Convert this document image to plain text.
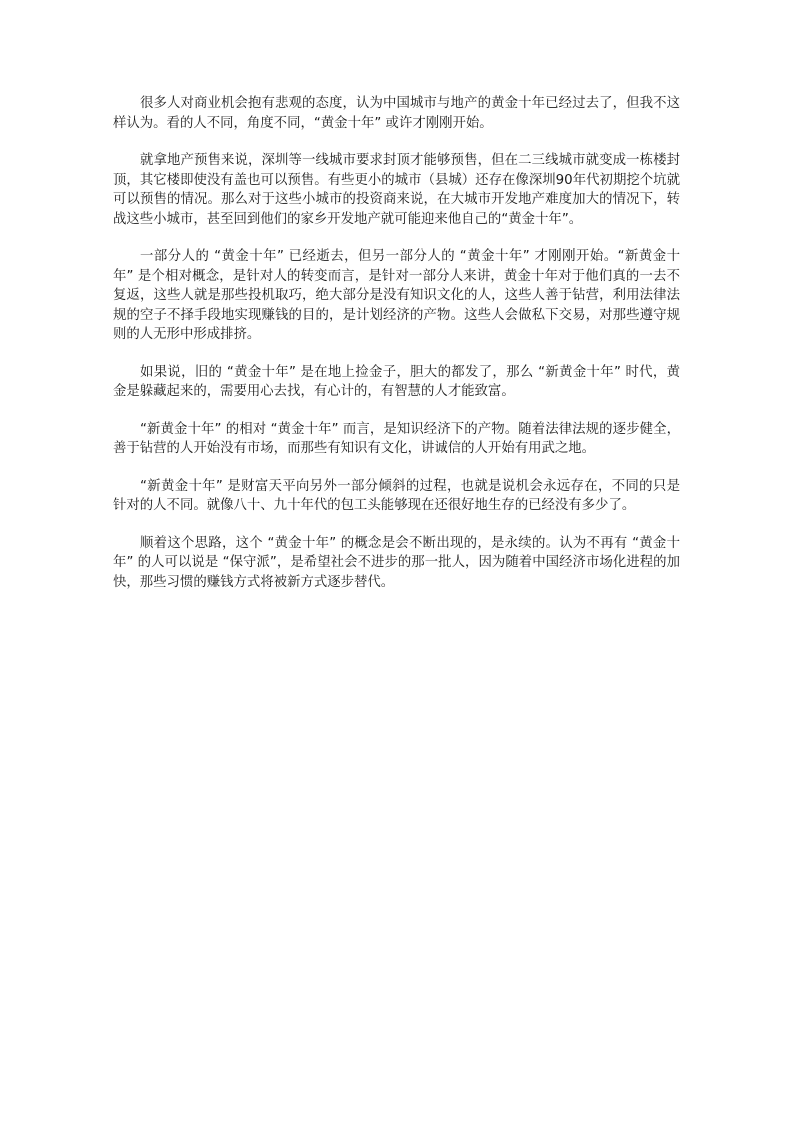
很多人对商业机会抱有悲观的态度，认为中国城市与地产的黄金十年已经过去了，但我不这样认为。看的人不同，角度不同，“黄金十年” 或许才刚刚开始。

就拿地产预售来说，深圳等一线城市要求封顶才能够预售，但在二三线城市就变成一栋楼封顶，其它楼即使没有盖也可以预售。有些更小的城市（县城）还存在像深圳90年代初期挖个坑就可以预售的情况。那么对于这些小城市的投资商来说，在大城市开发地产难度加大的情况下，转战这些小城市，甚至回到他们的家乡开发地产就可能迎来他自己的“黄金十年”。

一部分人的 “黄金十年” 已经逝去，但另一部分人的 “黄金十年” 才刚刚开始。“新黄金十年” 是个相对概念，是针对人的转变而言，是针对一部分人来讲，黄金十年对于他们真的一去不复返，这些人就是那些投机取巧，绝大部分是没有知识文化的人，这些人善于钻营，利用法律法规的空子不择手段地实现赚钱的目的，是计划经济的产物。这些人会做私下交易，对那些遵守规则的人无形中形成排挤。

如果说，旧的 “黄金十年” 是在地上捡金子，胆大的都发了，那么 “新黄金十年” 时代，黄金是躲藏起来的，需要用心去找，有心计的，有智慧的人才能致富。

“新黄金十年” 的相对 “黄金十年” 而言，是知识经济下的产物。随着法律法规的逐步健全，善于钻营的人开始没有市场，而那些有知识有文化，讲诚信的人开始有用武之地。

“新黄金十年” 是财富天平向另外一部分倾斜的过程，也就是说机会永远存在，不同的只是针对的人不同。就像八十、九十年代的包工头能够现在还很好地生存的已经没有多少了。

顺着这个思路，这个 “黄金十年” 的概念是会不断出现的，是永续的。认为不再有 “黄金十年” 的人可以说是 “保守派”，是希望社会不进步的那一批人，因为随着中国经济市场化进程的加快，那些习惯的赚钱方式将被新方式逐步替代。
